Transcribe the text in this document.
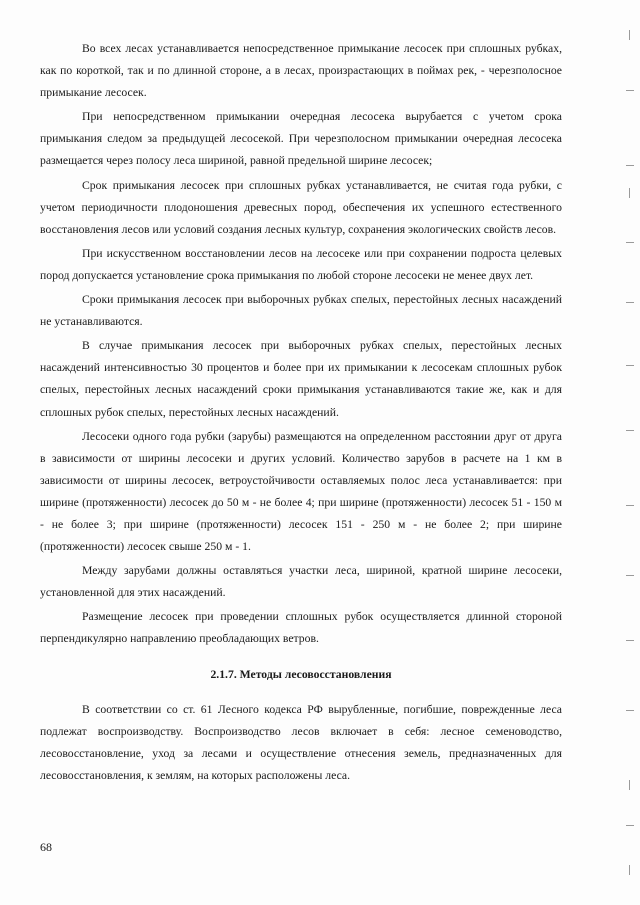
Во всех лесах устанавливается непосредственное примыкание лесосек при сплошных рубках, как по короткой, так и по длинной стороне, а в лесах, произрастающих в поймах рек, - черезполосное примыкание лесосек.

При непосредственном примыкании очередная лесосека вырубается с учетом срока примыкания следом за предыдущей лесосекой. При черезполосном примыкании очередная лесосека размещается через полосу леса шириной, равной предельной ширине лесосек;

Срок примыкания лесосек при сплошных рубках устанавливается, не считая года рубки, с учетом периодичности плодоношения древесных пород, обеспечения их успешного естественного восстановления лесов или условий создания лесных культур, сохранения экологических свойств лесов.

При искусственном восстановлении лесов на лесосеке или при сохранении подроста целевых пород допускается установление срока примыкания по любой стороне лесосеки не менее двух лет.

Сроки примыкания лесосек при выборочных рубках спелых, перестойных лесных насаждений не устанавливаются.

В случае примыкания лесосек при выборочных рубках спелых, перестойных лесных насаждений интенсивностью 30 процентов и более при их примыкании к лесосекам сплошных рубок спелых, перестойных лесных насаждений сроки примыкания устанавливаются такие же, как и для сплошных рубок спелых, перестойных лесных насаждений.

Лесосеки одного года рубки (зарубы) размещаются на определенном расстоянии друг от друга в зависимости от ширины лесосеки и других условий. Количество зарубов в расчете на 1 км в зависимости от ширины лесосек, ветроустойчивости оставляемых полос леса устанавливается: при ширине (протяженности) лесосек до 50 м - не более 4; при ширине (протяженности) лесосек 51 - 150 м - не более 3; при ширине (протяженности) лесосек 151 - 250 м - не более 2; при ширине (протяженности) лесосек свыше 250 м - 1.

Между зарубами должны оставляться участки леса, шириной, кратной ширине лесосеки, установленной для этих насаждений.

Размещение лесосек при проведении сплошных рубок осуществляется длинной стороной перпендикулярно направлению преобладающих ветров.

2.1.7. Методы лесовосстановления

В соответствии со ст. 61 Лесного кодекса РФ вырубленные, погибшие, поврежденные леса подлежат воспроизводству. Воспроизводство лесов включает в себя: лесное семеноводство, лесовосстановление, уход за лесами и осуществление отнесения земель, предназначенных для лесовосстановления, к землям, на которых расположены леса.

68
